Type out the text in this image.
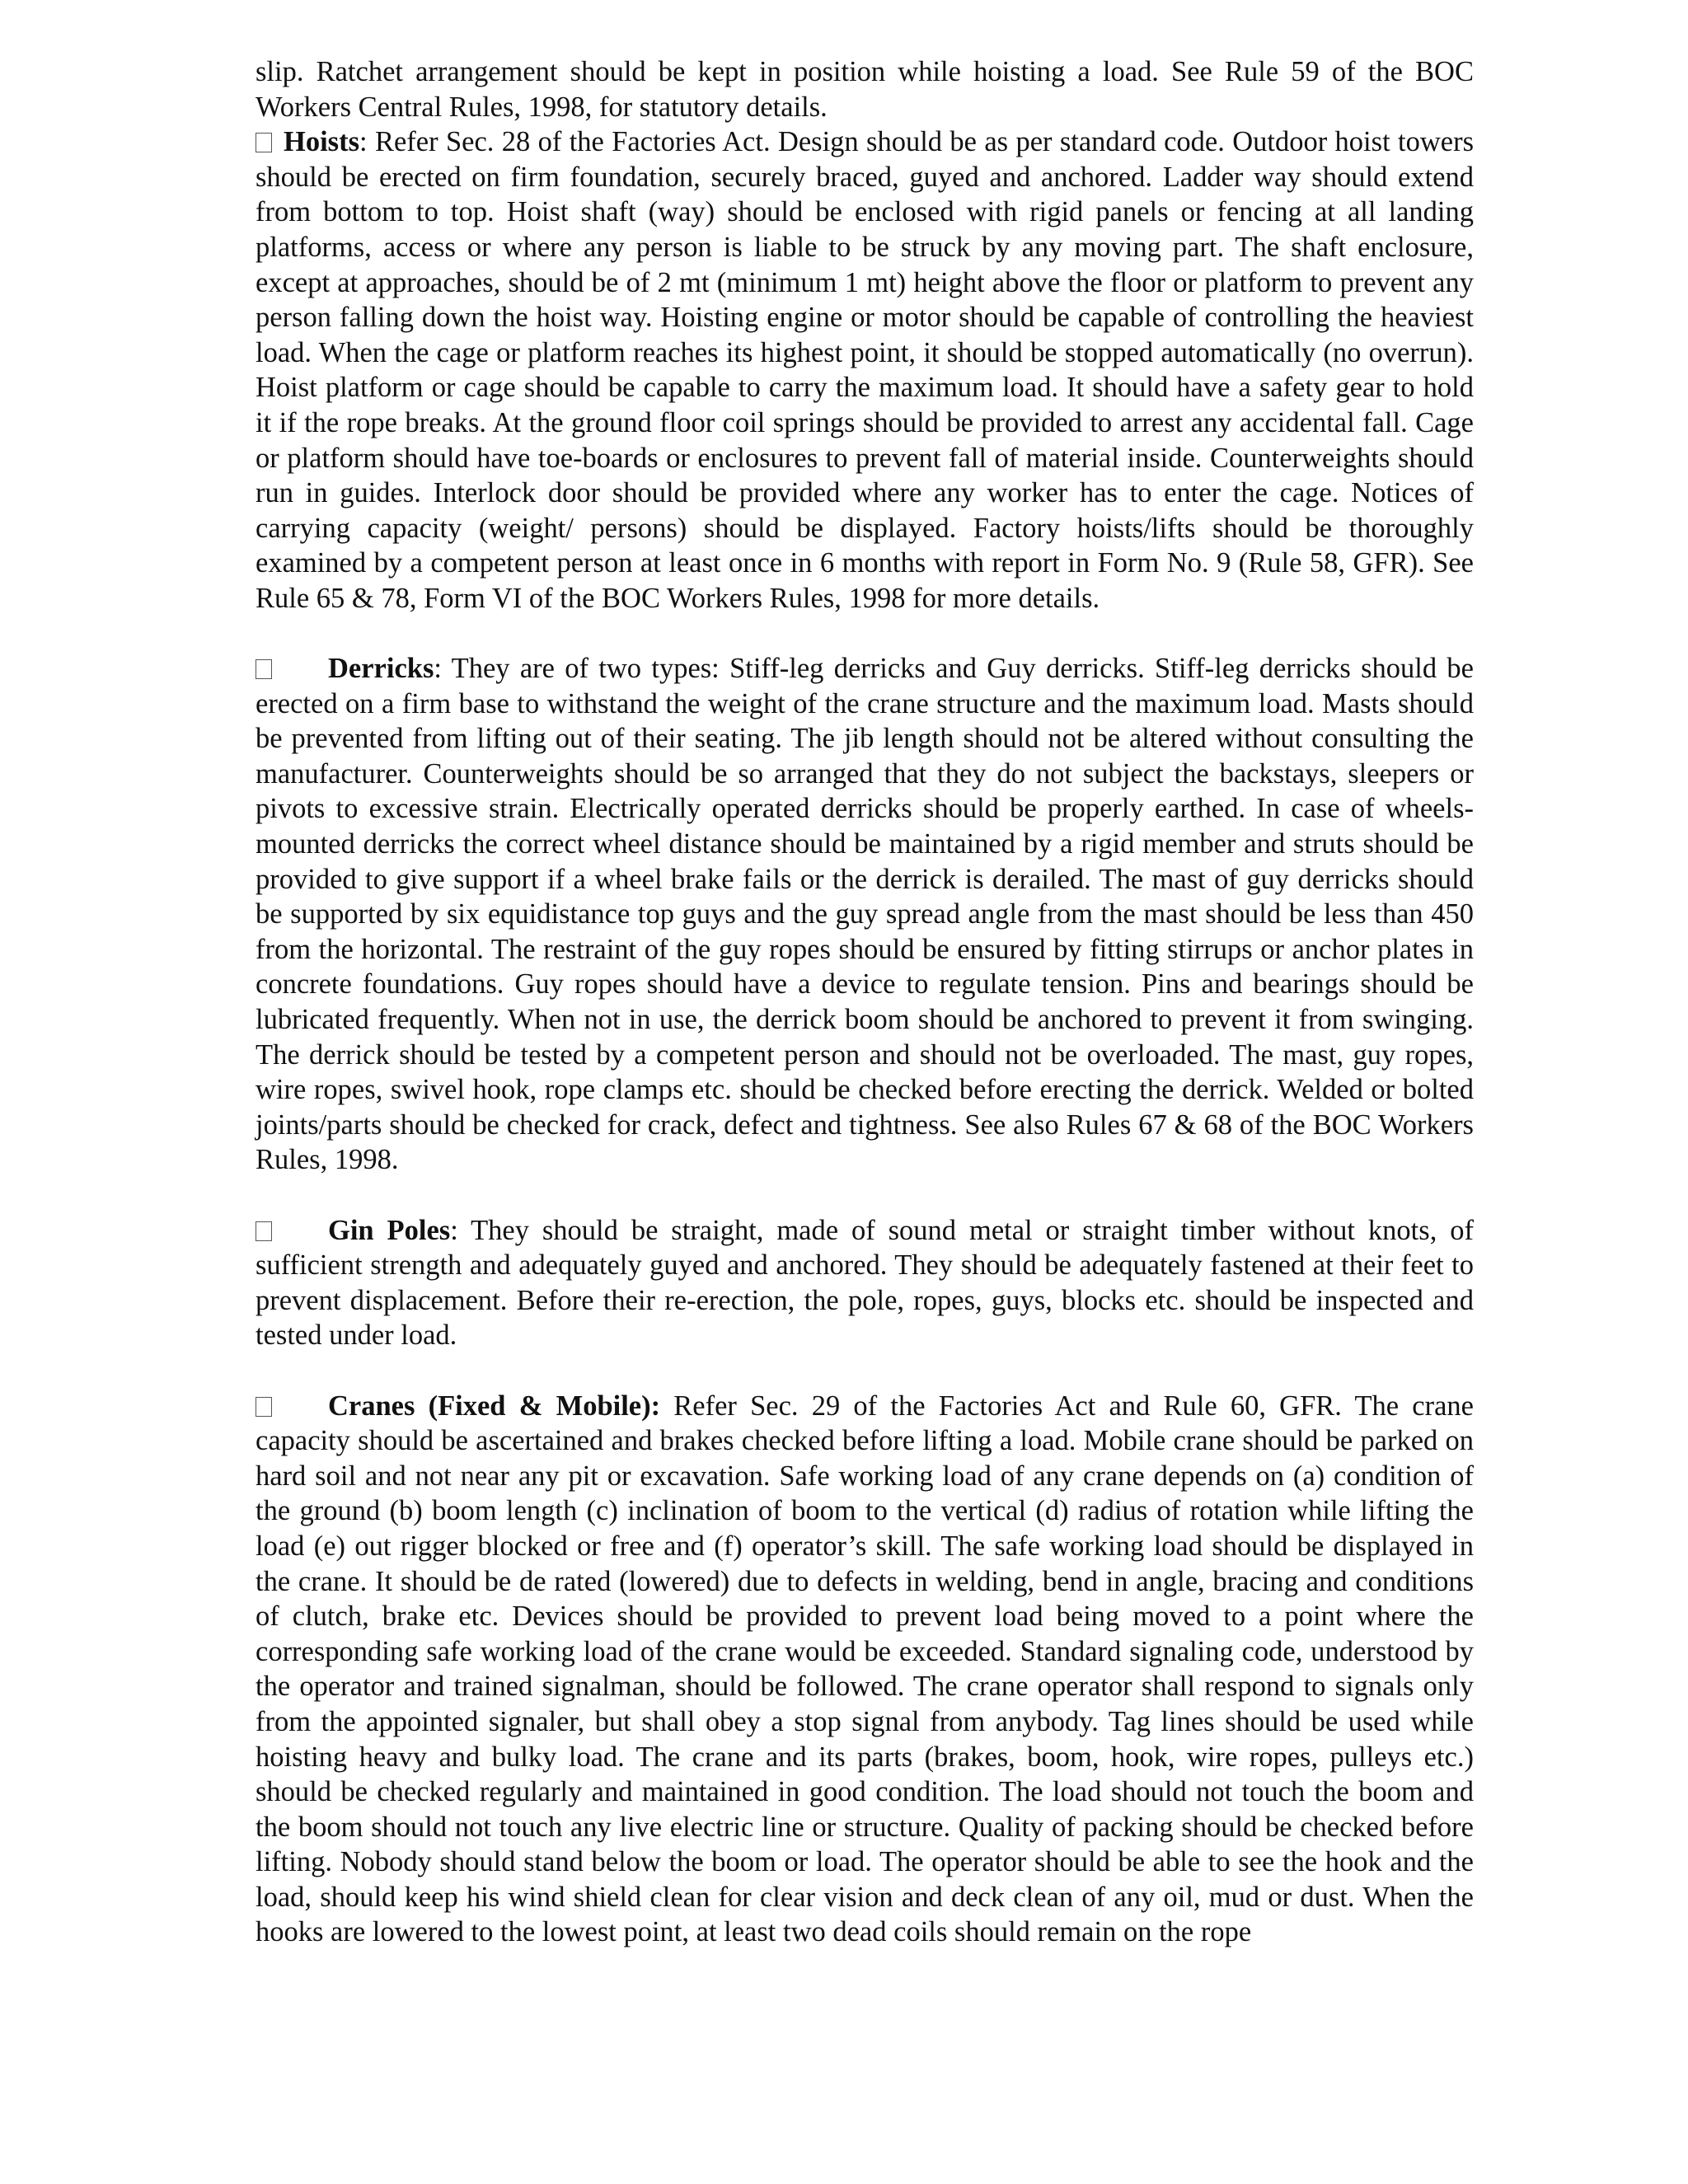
slip. Ratchet arrangement should be kept in position while hoisting a load. See Rule 59 of the BOC Workers Central Rules, 1998, for statutory details.

Hoists: Refer Sec. 28 of the Factories Act. Design should be as per standard code. Outdoor hoist towers should be erected on firm foundation, securely braced, guyed and anchored. Ladder way should extend from bottom to top. Hoist shaft (way) should be enclosed with rigid panels or fencing at all landing platforms, access or where any person is liable to be struck by any moving part. The shaft enclosure, except at approaches, should be of 2 mt (minimum 1 mt) height above the floor or platform to prevent any person falling down the hoist way. Hoisting engine or motor should be capable of controlling the heaviest load. When the cage or platform reaches its highest point, it should be stopped automatically (no overrun). Hoist platform or cage should be capable to carry the maximum load. It should have a safety gear to hold it if the rope breaks. At the ground floor coil springs should be provided to arrest any accidental fall. Cage or platform should have toe-boards or enclosures to prevent fall of material inside. Counterweights should run in guides. Interlock door should be provided where any worker has to enter the cage. Notices of carrying capacity (weight/ persons) should be displayed. Factory hoists/lifts should be thoroughly examined by a competent person at least once in 6 months with report in Form No. 9 (Rule 58, GFR). See Rule 65 & 78, Form VI of the BOC Workers Rules, 1998 for more details.

Derricks: They are of two types: Stiff-leg derricks and Guy derricks. Stiff-leg derricks should be erected on a firm base to withstand the weight of the crane structure and the maximum load. Masts should be prevented from lifting out of their seating. The jib length should not be altered without consulting the manufacturer. Counterweights should be so arranged that they do not subject the backstays, sleepers or pivots to excessive strain. Electrically operated derricks should be properly earthed. In case of wheels-mounted derricks the correct wheel distance should be maintained by a rigid member and struts should be provided to give support if a wheel brake fails or the derrick is derailed. The mast of guy derricks should be supported by six equidistance top guys and the guy spread angle from the mast should be less than 450 from the horizontal. The restraint of the guy ropes should be ensured by fitting stirrups or anchor plates in concrete foundations. Guy ropes should have a device to regulate tension. Pins and bearings should be lubricated frequently. When not in use, the derrick boom should be anchored to prevent it from swinging. The derrick should be tested by a competent person and should not be overloaded. The mast, guy ropes, wire ropes, swivel hook, rope clamps etc. should be checked before erecting the derrick. Welded or bolted joints/parts should be checked for crack, defect and tightness. See also Rules 67 & 68 of the BOC Workers Rules, 1998.

Gin Poles: They should be straight, made of sound metal or straight timber without knots, of sufficient strength and adequately guyed and anchored. They should be adequately fastened at their feet to prevent displacement. Before their re-erection, the pole, ropes, guys, blocks etc. should be inspected and tested under load.

Cranes (Fixed & Mobile): Refer Sec. 29 of the Factories Act and Rule 60, GFR. The crane capacity should be ascertained and brakes checked before lifting a load. Mobile crane should be parked on hard soil and not near any pit or excavation. Safe working load of any crane depends on (a) condition of the ground (b) boom length (c) inclination of boom to the vertical (d) radius of rotation while lifting the load (e) out rigger blocked or free and (f) operator’s skill. The safe working load should be displayed in the crane. It should be de rated (lowered) due to defects in welding, bend in angle, bracing and conditions of clutch, brake etc. Devices should be provided to prevent load being moved to a point where the corresponding safe working load of the crane would be exceeded. Standard signaling code, understood by the operator and trained signalman, should be followed. The crane operator shall respond to signals only from the appointed signaler, but shall obey a stop signal from anybody. Tag lines should be used while hoisting heavy and bulky load. The crane and its parts (brakes, boom, hook, wire ropes, pulleys etc.) should be checked regularly and maintained in good condition. The load should not touch the boom and the boom should not touch any live electric line or structure. Quality of packing should be checked before lifting. Nobody should stand below the boom or load. The operator should be able to see the hook and the load, should keep his wind shield clean for clear vision and deck clean of any oil, mud or dust. When the hooks are lowered to the lowest point, at least two dead coils should remain on the rope
